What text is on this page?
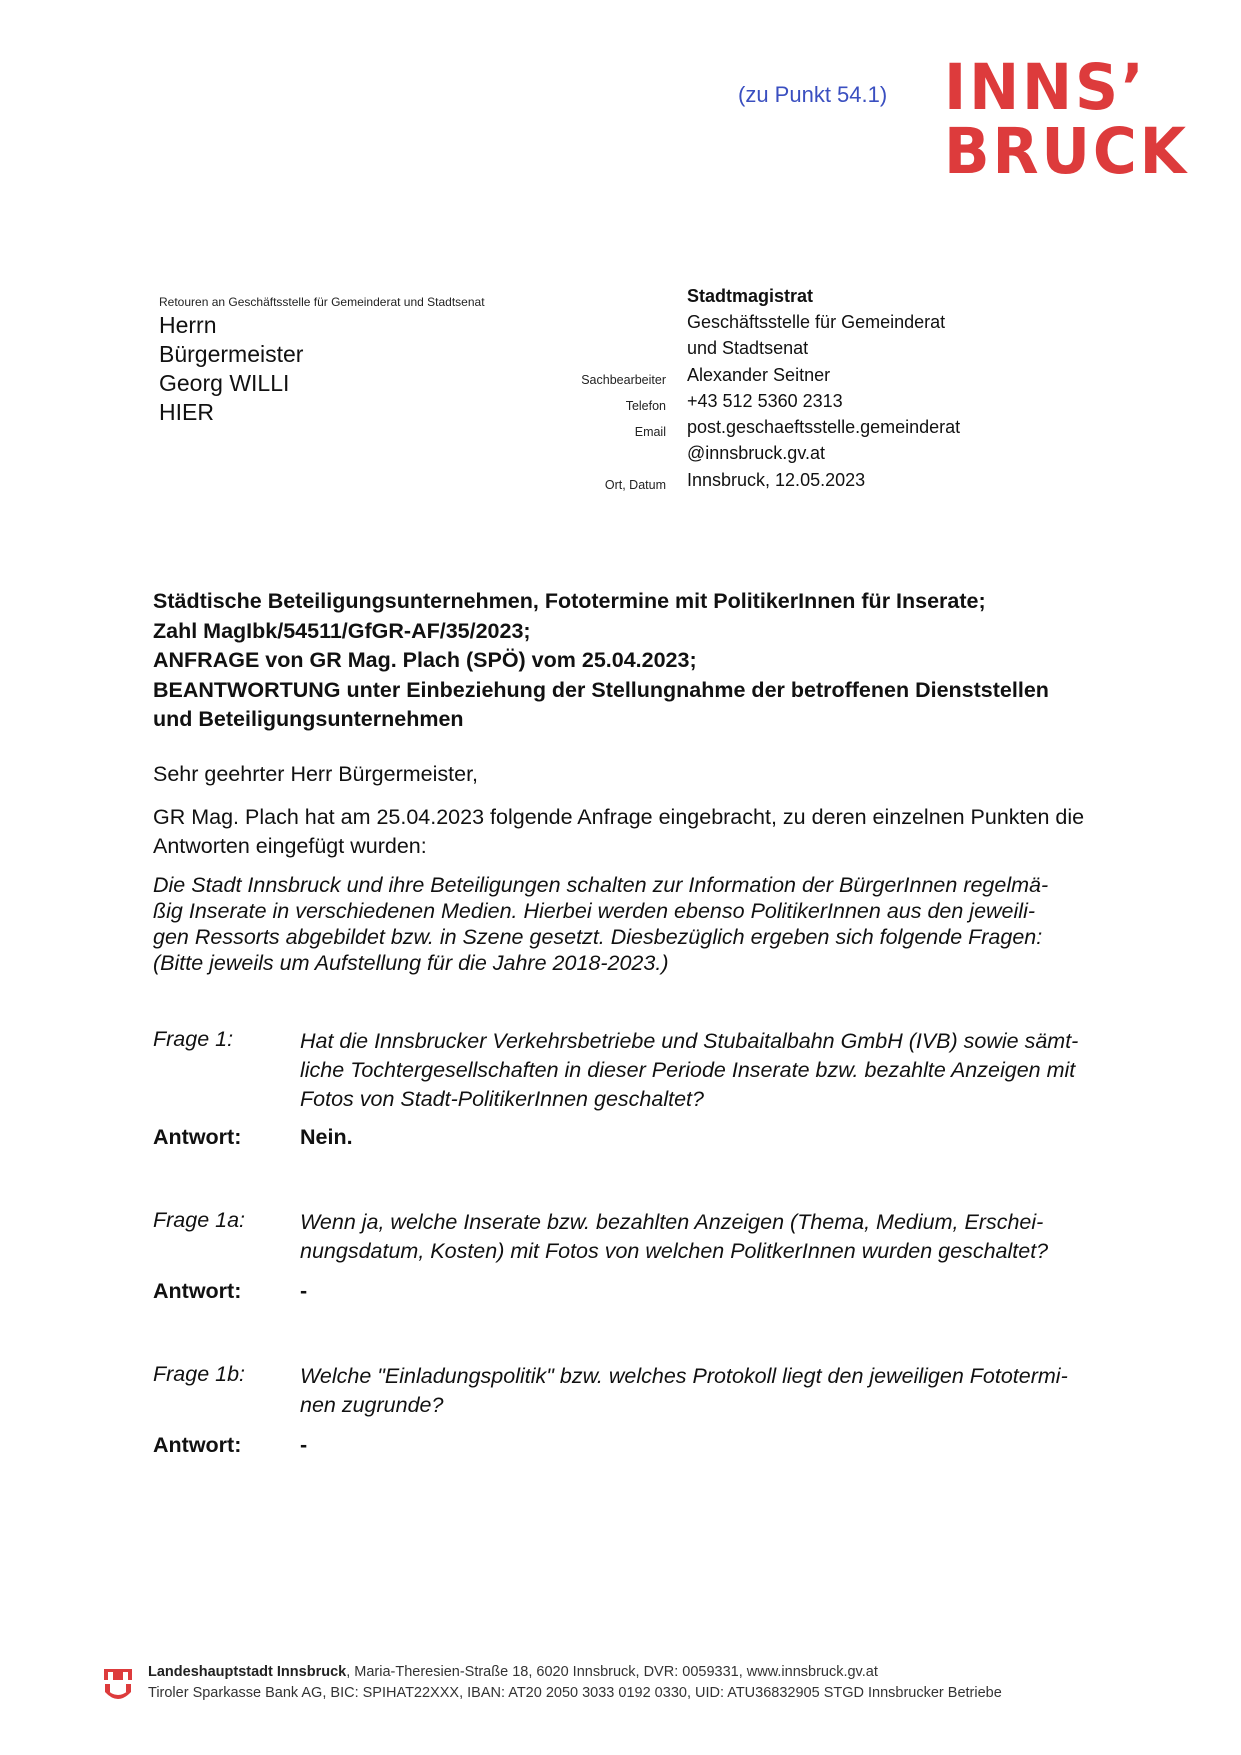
(zu Punkt 54.1) INNS’
BRUCK
Retouren an Geschäftsstelle für Gemeinderat und Stadtsenat
Herrn
Bürgermeister
Georg WILLI
HIER
Stadtmagistrat
Geschäftsstelle für Gemeinderat
und Stadtsenat
Sachbearbeiter Alexander Seitner
Telefon +43 512 5360 2313
Email post.geschaeftsstelle.gemeinderat
@innsbruck.gv.at
Ort, Datum Innsbruck, 12.05.2023
Städtische Beteiligungsunternehmen, Fototermine mit PolitikerInnen für Inserate;
Zahl MagIbk/54511/GfGR-AF/35/2023;
ANFRAGE von GR Mag. Plach (SPÖ) vom 25.04.2023;
BEANTWORTUNG unter Einbeziehung der Stellungnahme der betroffenen Dienststellen
und Beteiligungsunternehmen
Sehr geehrter Herr Bürgermeister,
GR Mag. Plach hat am 25.04.2023 folgende Anfrage eingebracht, zu deren einzelnen Punkten die Antworten eingefügt wurden:
Die Stadt Innsbruck und ihre Beteiligungen schalten zur Information der BürgerInnen regelmä-
ßig Inserate in verschiedenen Medien. Hierbei werden ebenso PolitikerInnen aus den jeweili-
gen Ressorts abgebildet bzw. in Szene gesetzt. Diesbezüglich ergeben sich folgende Fragen:
(Bitte jeweils um Aufstellung für die Jahre 2018-2023.)
Frage 1:	Hat die Innsbrucker Verkehrsbetriebe und Stubaitalbahn GmbH (IVB) sowie sämt-
liche Tochtergesellschaften in dieser Periode Inserate bzw. bezahlte Anzeigen mit
Fotos von Stadt-PolitikerInnen geschaltet?
Antwort:	Nein.
Frage 1a:	Wenn ja, welche Inserate bzw. bezahlten Anzeigen (Thema, Medium, Erschei-
nungsdatum, Kosten) mit Fotos von welchen PolitkerInnen wurden geschaltet?
Antwort:	-
Frage 1b:	Welche "Einladungspolitik" bzw. welches Protokoll liegt den jeweiligen Fototermi-
nen zugrunde?
Antwort:	-
Landeshauptstadt Innsbruck, Maria-Theresien-Straße 18, 6020 Innsbruck, DVR: 0059331, www.innsbruck.gv.at
Tiroler Sparkasse Bank AG, BIC: SPIHAT22XXX, IBAN: AT20 2050 3033 0192 0330, UID: ATU36832905 STGD Innsbrucker Betriebe
